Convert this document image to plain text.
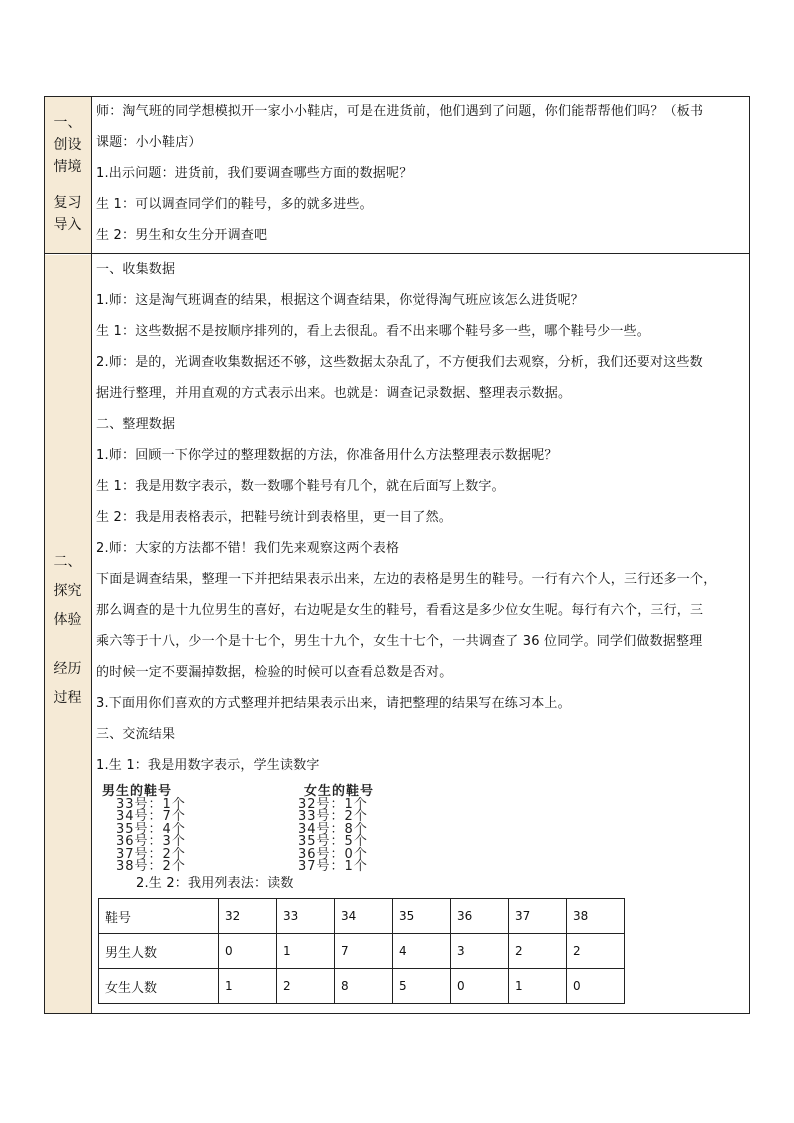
一、
创设
情境
复习
导入

师：淘气班的同学想模拟开一家小小鞋店，可是在进货前，他们遇到了问题，你们能帮帮他们吗？（板书

课题：小小鞋店）

1.出示问题：进货前，我们要调查哪些方面的数据呢？

生 1：可以调查同学们的鞋号，多的就多进些。

生 2：男生和女生分开调查吧

二、
探究
体验
经历
过程

一、收集数据

1.师：这是淘气班调查的结果，根据这个调查结果，你觉得淘气班应该怎么进货呢？

生 1：这些数据不是按顺序排列的，看上去很乱。看不出来哪个鞋号多一些，哪个鞋号少一些。

2.师：是的，光调查收集数据还不够，这些数据太杂乱了，不方便我们去观察，分析，我们还要对这些数

据进行整理，并用直观的方式表示出来。也就是：调查记录数据、整理表示数据。

二、整理数据

1.师：回顾一下你学过的整理数据的方法，你准备用什么方法整理表示数据呢？

生 1：我是用数字表示，数一数哪个鞋号有几个，就在后面写上数字。

生 2：我是用表格表示，把鞋号统计到表格里，更一目了然。

2.师：大家的方法都不错！我们先来观察这两个表格

下面是调查结果，整理一下并把结果表示出来，左边的表格是男生的鞋号。一行有六个人，三行还多一个，

那么调查的是十九位男生的喜好，右边呢是女生的鞋号，看看这是多少位女生呢。每行有六个，三行，三

乘六等于十八，少一个是十七个，男生十九个，女生十七个，一共调查了 36 位同学。同学们做数据整理

的时候一定不要漏掉数据，检验的时候可以查看总数是否对。

3.下面用你们喜欢的方式整理并把结果表示出来，请把整理的结果写在练习本上。

三、交流结果

1.生 1：我是用数字表示，学生读数字

男生的鞋号
33号：1个
34号：7个
35号：4个
36号：3个
37号：2个
38号：2个
女生的鞋号
32号：1个
33号：2个
34号：8个
35号：5个
36号：0个
37号：1个

2.生 2：我用列表法：读数

鞋号	32	33	34	35	36	37	38
男生人数	0	1	7	4	3	2	2
女生人数	1	2	8	5	0	1	0
